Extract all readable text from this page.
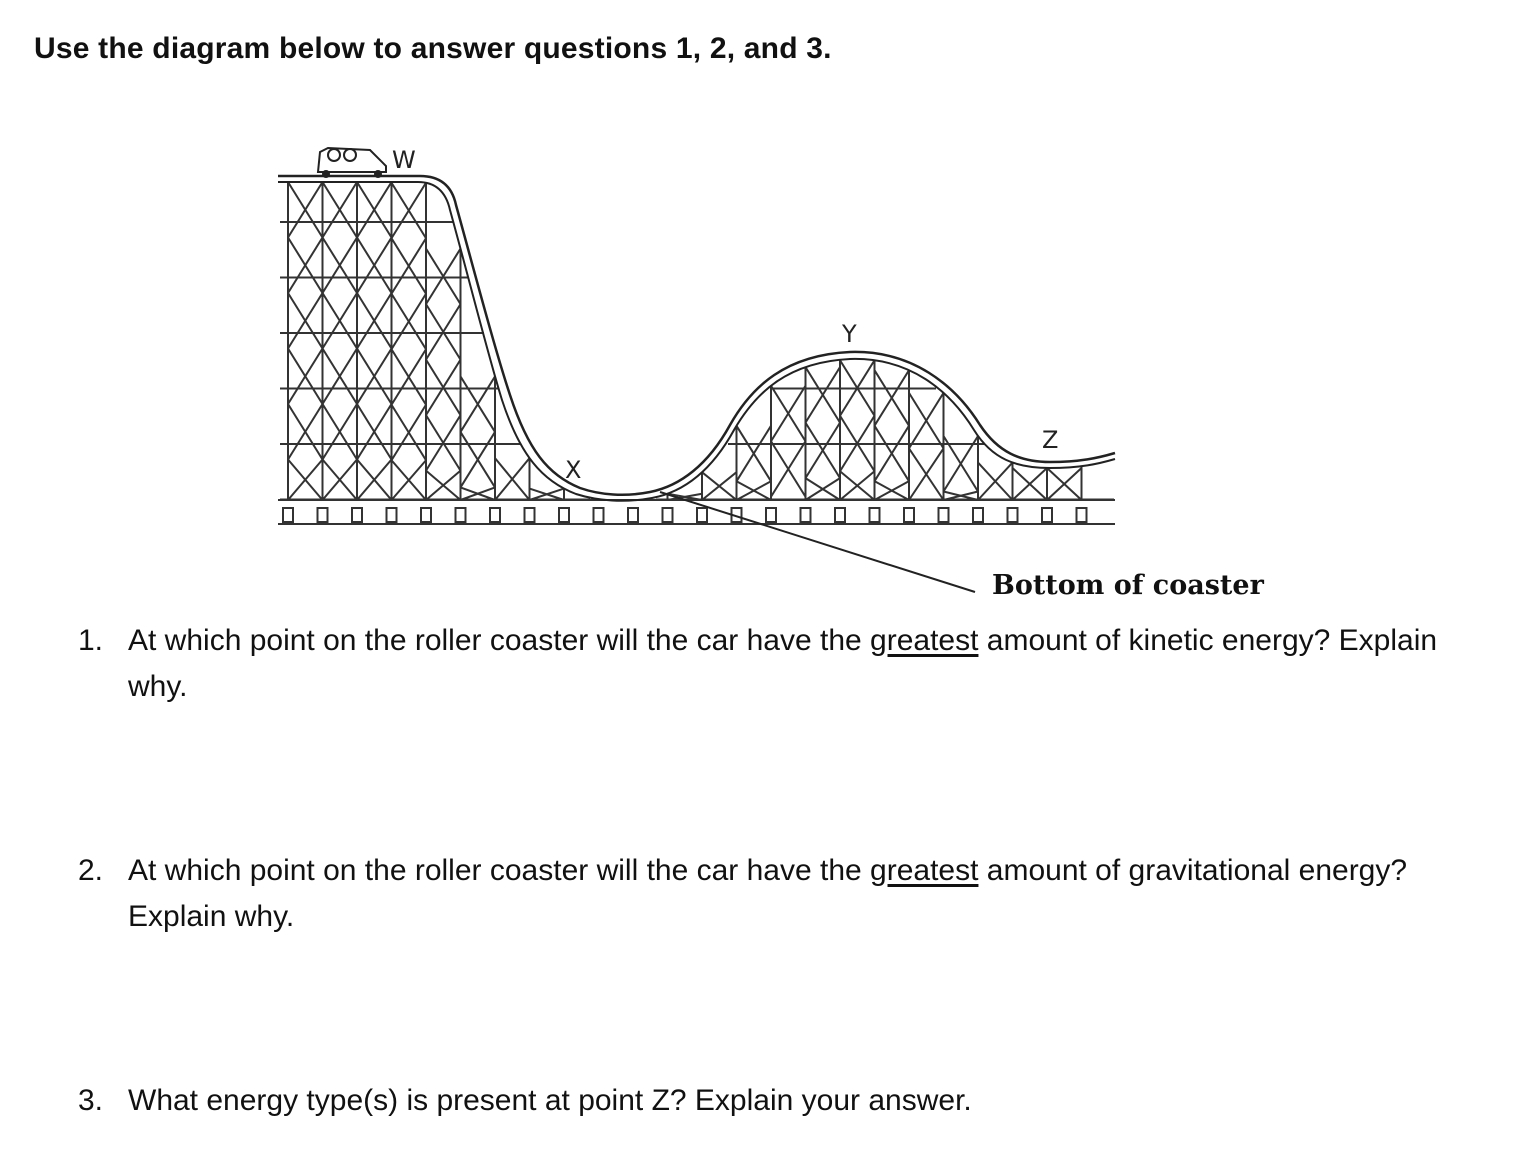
Use the diagram below to answer questions 1, 2, and 3.
W
X
Y
Z
Bottom of coaster
1. At which point on the roller coaster will the car have the greatest amount of kinetic energy? Explain why.
2. At which point on the roller coaster will the car have the greatest amount of gravitational energy? Explain why.
3. What energy type(s) is present at point Z? Explain your answer.
